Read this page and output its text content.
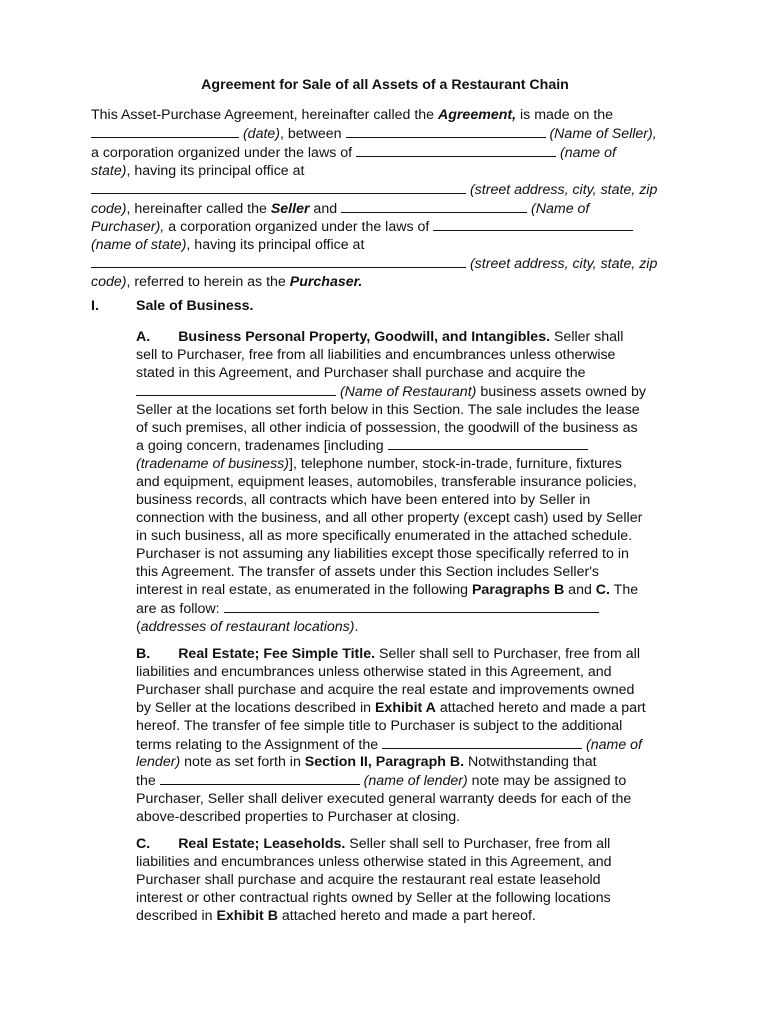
Agreement for Sale of all Assets of a Restaurant Chain
This Asset-Purchase Agreement, hereinafter called the Agreement, is made on the
(date), between	(Name of Seller),
a corporation organized under the laws of	(name of
state), having its principal office at
(street address, city, state, zip
code), hereinafter called the Seller and	(Name of
Purchaser), a corporation organized under the laws of
(name of state), having its principal office at
(street address, city, state, zip
code), referred to herein as the Purchaser.
I.	Sale of Business.
A. Business Personal Property, Goodwill, and Intangibles. Seller shall
sell to Purchaser, free from all liabilities and encumbrances unless otherwise
stated in this Agreement, and Purchaser shall purchase and acquire the
(Name of Restaurant) business assets owned by
Seller at the locations set forth below in this Section. The sale includes the lease
of such premises, all other indicia of possession, the goodwill of the business as
a going concern, tradenames [including
(tradename of business)], telephone number, stock-in-trade, furniture, fixtures
and equipment, equipment leases, automobiles, transferable insurance policies,
business records, all contracts which have been entered into by Seller in
connection with the business, and all other property (except cash) used by Seller
in such business, all as more specifically enumerated in the attached schedule.
Purchaser is not assuming any liabilities except those specifically referred to in
this Agreement. The transfer of assets under this Section includes Seller's
interest in real estate, as enumerated in the following Paragraphs B and C. The
are as follow:
(addresses of restaurant locations).
B. Real Estate; Fee Simple Title. Seller shall sell to Purchaser, free from all
liabilities and encumbrances unless otherwise stated in this Agreement, and
Purchaser shall purchase and acquire the real estate and improvements owned
by Seller at the locations described in Exhibit A attached hereto and made a part
hereof. The transfer of fee simple title to Purchaser is subject to the additional
terms relating to the Assignment of the	(name of
lender) note as set forth in Section II, Paragraph B. Notwithstanding that
the	(name of lender) note may be assigned to
Purchaser, Seller shall deliver executed general warranty deeds for each of the
above-described properties to Purchaser at closing.
C. Real Estate; Leaseholds. Seller shall sell to Purchaser, free from all
liabilities and encumbrances unless otherwise stated in this Agreement, and
Purchaser shall purchase and acquire the restaurant real estate leasehold
interest or other contractual rights owned by Seller at the following locations
described in Exhibit B attached hereto and made a part hereof.
